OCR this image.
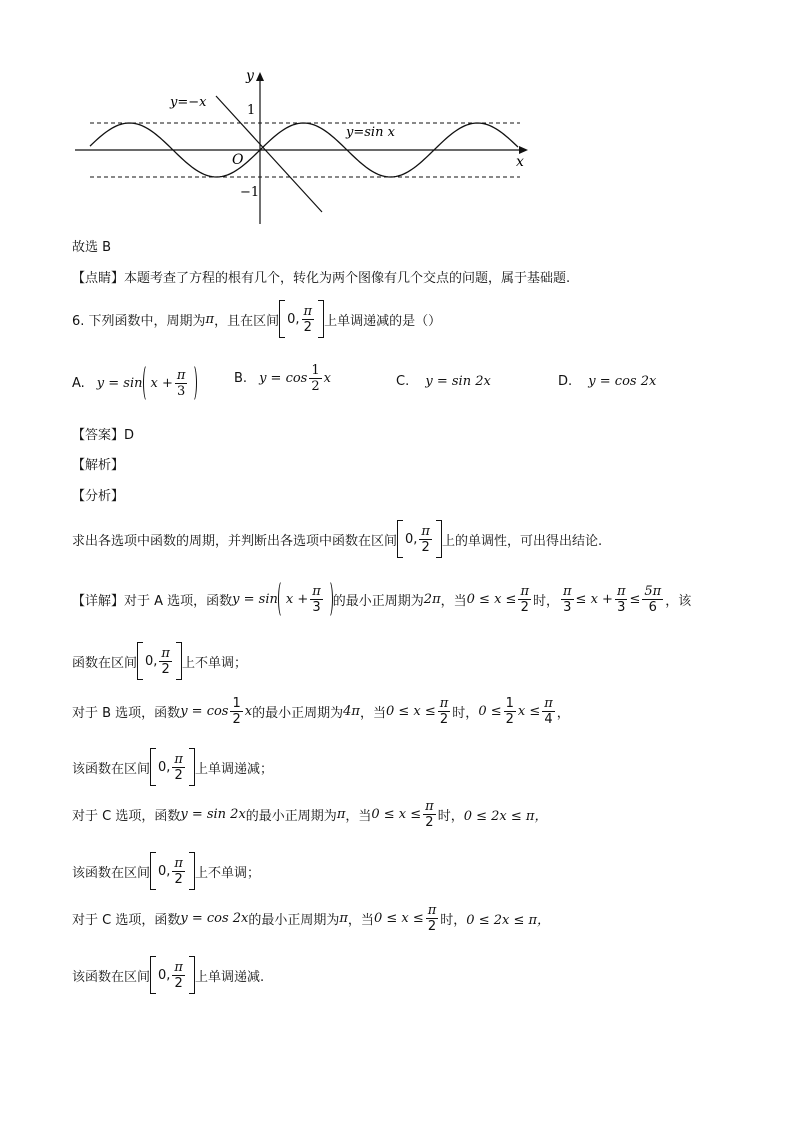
y
x
1
−1
O
y=−x
y=sin x
故选 B
【点睛】本题考查了方程的根有几个，转化为两个图像有几个交点的问题，属于基础题.
6. 下列函数中，周期为 π ，且在区间 0, $\frac{\pi}{2}$ 上单调递减的是（）
A. $y = \sin x + \frac{\pi}{3}$	B. $y = \cos \frac{1}{2}$ x	C. y = sin 2x	D. y = cos 2x
【答案】D
【解析】
【分析】
求出各选项中函数的周期，并判断出各选项中函数在区间 0, $\frac{\pi}{2}$ 上的单调性，可出得出结论.
【详解】对于 A 选项，函数 $y = \sin x + \frac{\pi}{3}$ 的最小正周期为 2π ，当 $0 \le x \le \frac{\pi}{2}$ 时， $\frac{\pi}{3} \le x + \frac{\pi}{3} \le \frac{5\pi}{6}$ ，该
函数在区间 0, $\frac{\pi}{2}$ 上不单调；
对于 B 选项，函数 $y = \cos \frac{1}{2}$ x 的最小正周期为 4π ，当 $0 \le x \le \frac{\pi}{2}$ 时， $0 \le \frac{1}{2}$ $x \le \frac{\pi}{4}$ ，
该函数在区间 0, $\frac{\pi}{2}$ 上单调递减；
对于 C 选项，函数 y = sin 2x 的最小正周期为 π ，当 $0 \le x \le \frac{\pi}{2}$ 时， 0 ≤ 2x ≤ π，
该函数在区间 0, $\frac{\pi}{2}$ 上不单调；
对于 C 选项，函数 y = cos 2x 的最小正周期为 π ，当 $0 \le x \le \frac{\pi}{2}$ 时， 0 ≤ 2x ≤ π，
该函数在区间 0, $\frac{\pi}{2}$ 上单调递减.
